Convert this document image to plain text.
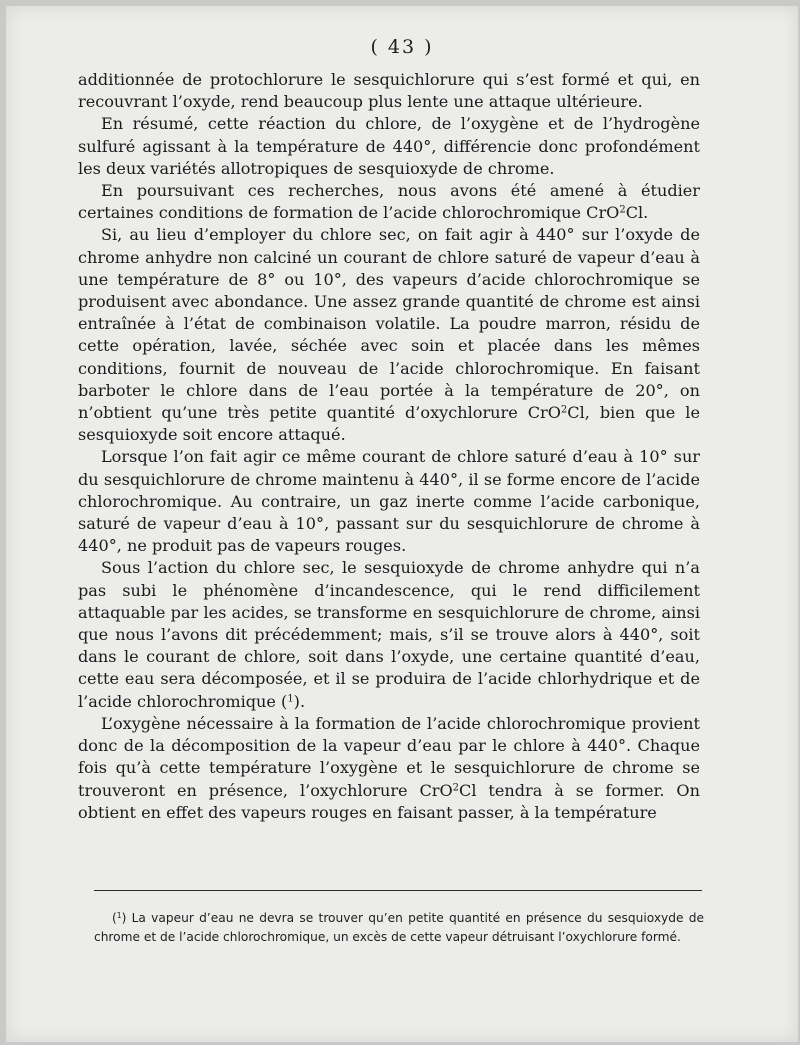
( 43 )

additionnée de protochlorure le sesquichlorure qui s’est formé et qui, en recouvrant l’oxyde, rend beaucoup plus lente une attaque ultérieure.

En résumé, cette réaction du chlore, de l’oxygène et de l’hydrogène sulfuré agissant à la température de 440°, différencie donc profondément les deux variétés allotropiques de sesquioxyde de chrome.

En poursuivant ces recherches, nous avons été amené à étudier certaines conditions de formation de l’acide chlorochromique CrO$^2$Cl.

Si, au lieu d’employer du chlore sec, on fait agir à 440° sur l’oxyde de chrome anhydre non calciné un courant de chlore saturé de vapeur d’eau à une température de 8° ou 10°, des vapeurs d’acide chlorochromique se produisent avec abondance. Une assez grande quantité de chrome est ainsi entraînée à l’état de combinaison volatile. La poudre marron, résidu de cette opération, lavée, séchée avec soin et placée dans les mêmes conditions, fournit de nouveau de l’acide chlorochromique. En faisant barboter le chlore dans de l’eau portée à la température de 20°, on n’obtient qu’une très petite quantité d’oxychlorure CrO$^2$Cl, bien que le sesquioxyde soit encore attaqué.

Lorsque l’on fait agir ce même courant de chlore saturé d’eau à 10° sur du sesquichlorure de chrome maintenu à 440°, il se forme encore de l’acide chlorochromique. Au contraire, un gaz inerte comme l’acide carbonique, saturé de vapeur d’eau à 10°, passant sur du sesquichlorure de chrome à 440°, ne produit pas de vapeurs rouges.

Sous l’action du chlore sec, le sesquioxyde de chrome anhydre qui n’a pas subi le phénomène d’incandescence, qui le rend difficilement attaquable par les acides, se transforme en sesquichlorure de chrome, ainsi que nous l’avons dit précédemment; mais, s’il se trouve alors à 440°, soit dans le courant de chlore, soit dans l’oxyde, une certaine quantité d’eau, cette eau sera décomposée, et il se produira de l’acide chlorhydrique et de l’acide chlorochromique ($^1$).

L’oxygène nécessaire à la formation de l’acide chlorochromique provient donc de la décomposition de la vapeur d’eau par le chlore à 440°. Chaque fois qu’à cette température l’oxygène et le sesquichlorure de chrome se trouveront en présence, l’oxychlorure CrO$^2$Cl tendra à se former. On obtient en effet des vapeurs rouges en faisant passer, à la température

($^1$) La vapeur d’eau ne devra se trouver qu’en petite quantité en présence du sesquioxyde de chrome et de l’acide chlorochromique, un excès de cette vapeur détruisant l’oxychlorure formé.
